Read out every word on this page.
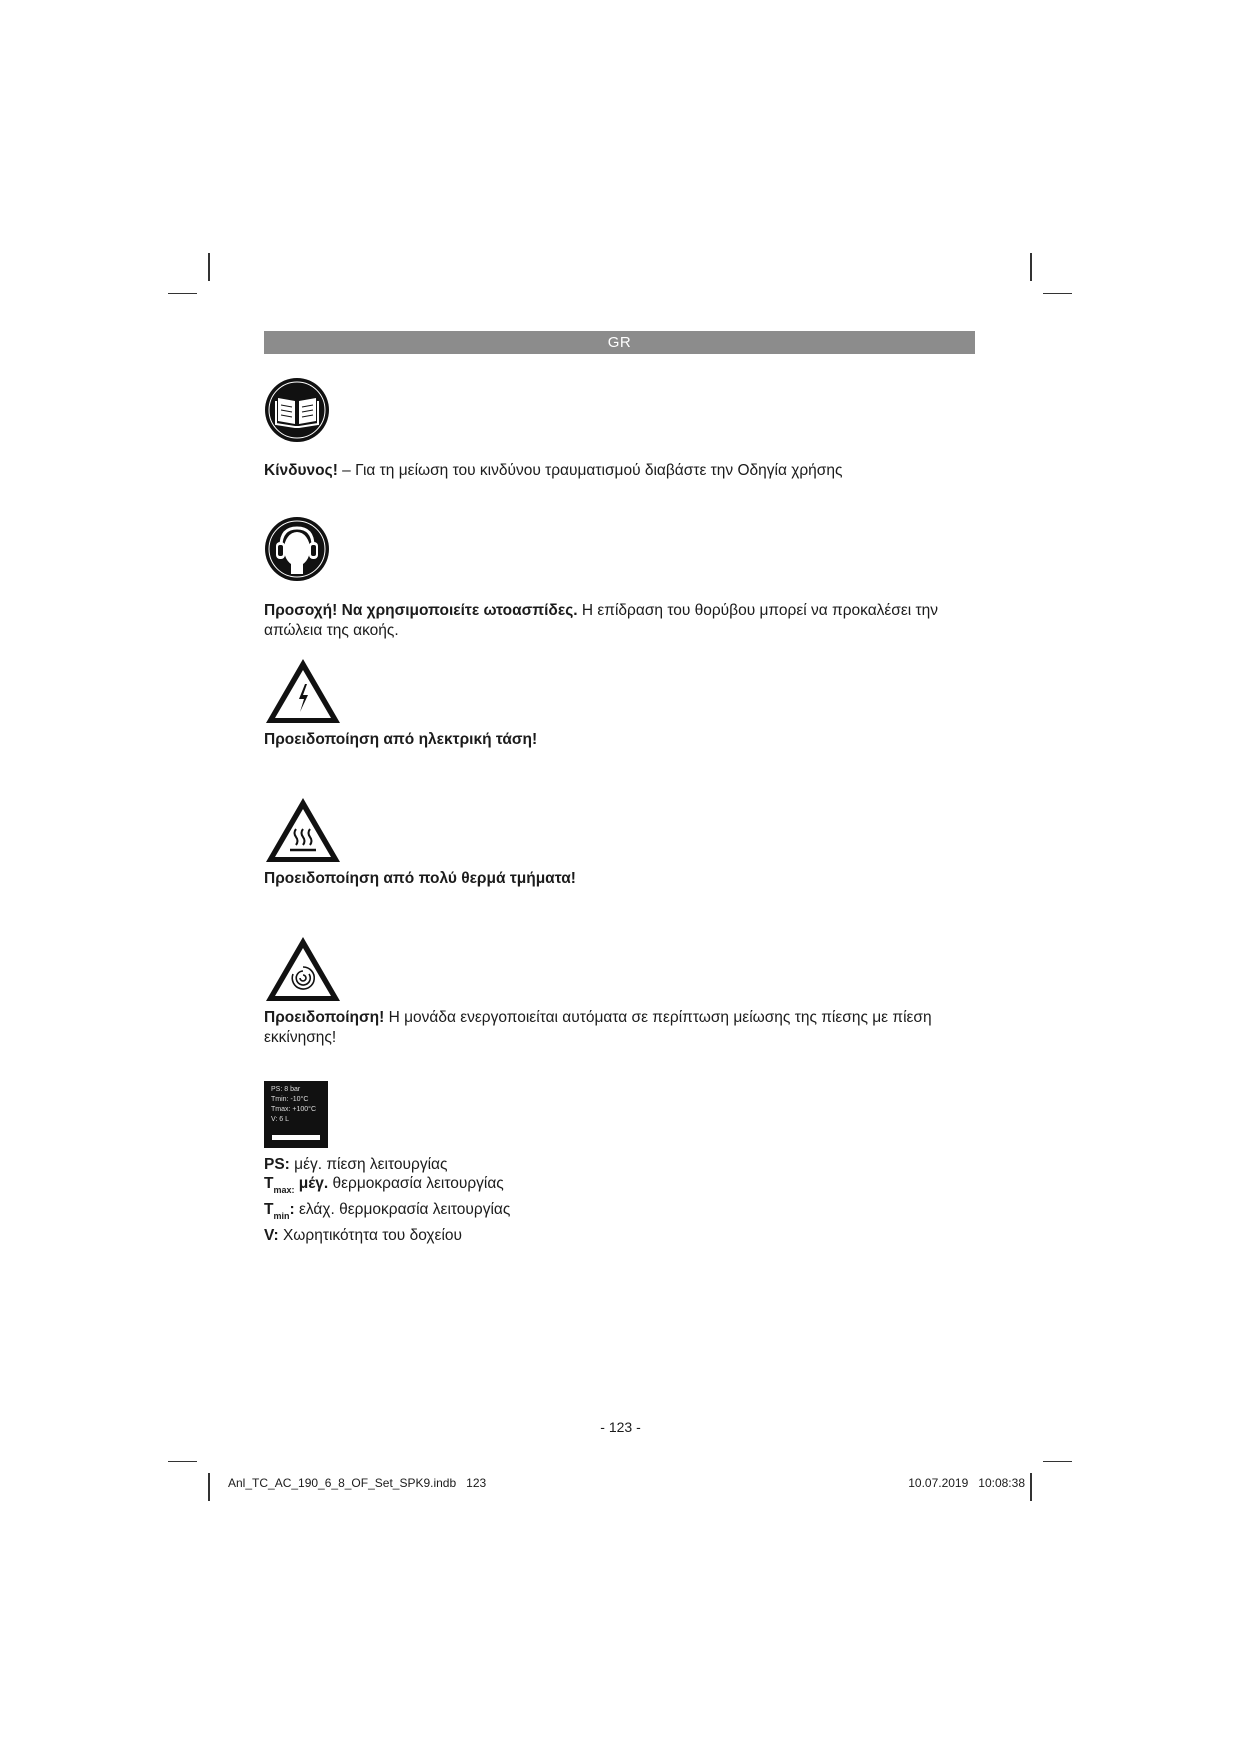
GR

Κίνδυνος! – Για τη μείωση του κινδύνου τραυματισμού διαβάστε την Οδηγία χρήσης

Προσοχή! Να χρησιμοποιείτε ωτοασπίδες. Η επίδραση του θορύβου μπορεί να προκαλέσει την απώλεια της ακοής.

Προειδοποίηση από ηλεκτρική τάση!

Προειδοποίηση από πολύ θερμά τμήματα!

Προειδοποίηση! Η μονάδα ενεργοποιείται αυτόματα σε περίπτωση μείωσης της πίεσης με πίεση εκκίνησης!

PS: 8 bar
Tmin: -10°C
Tmax: +100°C
V: 6 L
PS: μέγ. πίεση λειτουργίας
$T_{max:}$ μέγ. θερμοκρασία λειτουργίας
$T_{min}$: ελάχ. θερμοκρασία λειτουργίας
V: Χωρητικότητα του δοχείου
- 123 -
Anl_TC_AC_190_6_8_OF_Set_SPK9.indb   123	10.07.2019   10:08:38
